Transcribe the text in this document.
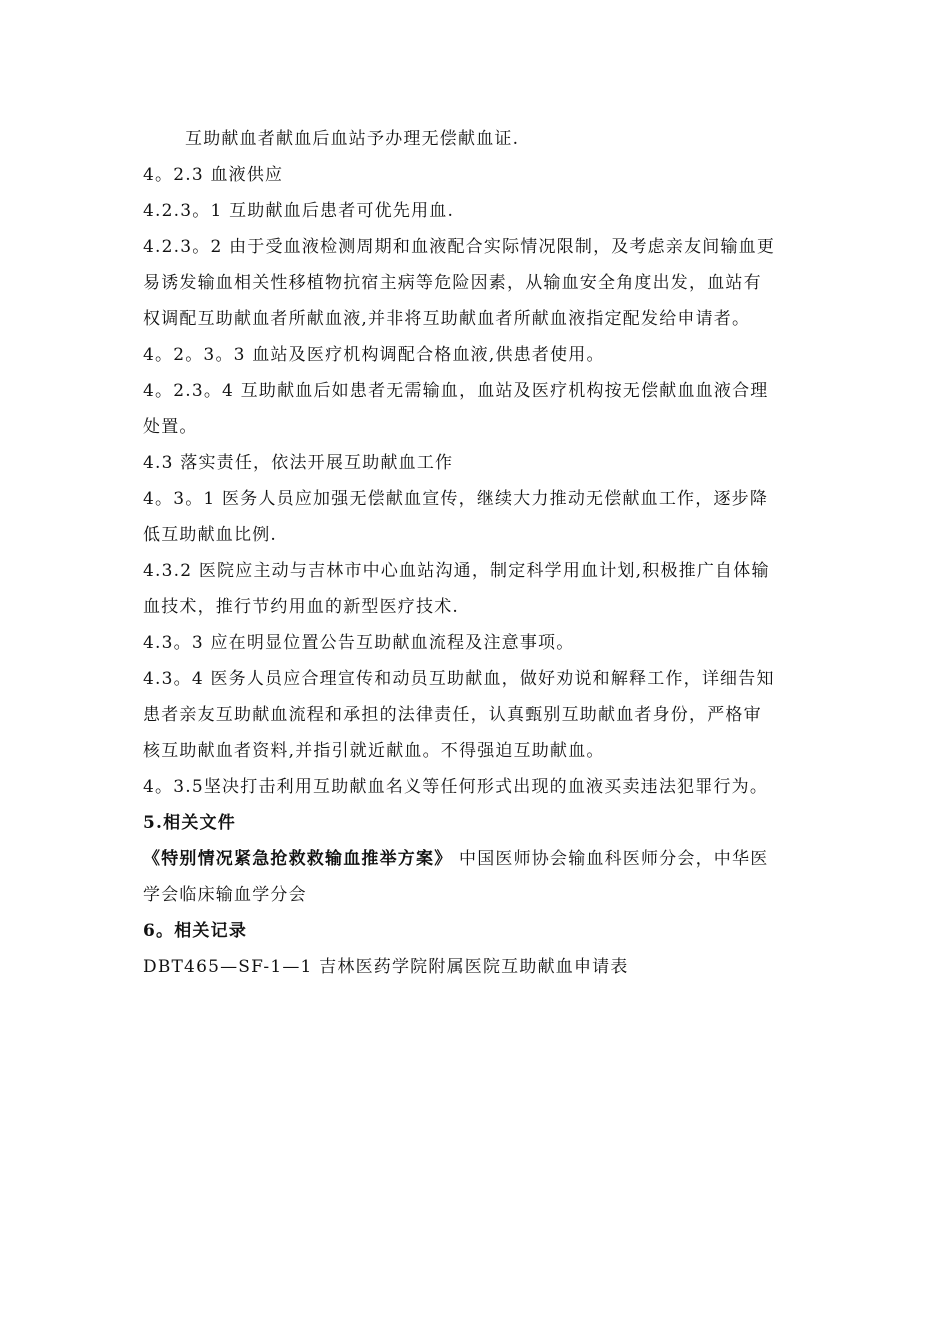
互助献血者献血后血站予办理无偿献血证.
4。2.3 血液供应
4.2.3。1 互助献血后患者可优先用血.
4.2.3。2 由于受血液检测周期和血液配合实际情况限制，及考虑亲友间输血更
易诱发输血相关性移植物抗宿主病等危险因素，从输血安全角度出发，血站有
权调配互助献血者所献血液,并非将互助献血者所献血液指定配发给申请者。
4。2。3。3 血站及医疗机构调配合格血液,供患者使用。
4。2.3。4 互助献血后如患者无需输血，血站及医疗机构按无偿献血血液合理
处置。
4.3 落实责任，依法开展互助献血工作
4。3。1 医务人员应加强无偿献血宣传，继续大力推动无偿献血工作，逐步降
低互助献血比例.
4.3.2 医院应主动与吉林市中心血站沟通，制定科学用血计划,积极推广自体输
血技术，推行节约用血的新型医疗技术.
4.3。3 应在明显位置公告互助献血流程及注意事项。
4.3。4 医务人员应合理宣传和动员互助献血，做好劝说和解释工作，详细告知
患者亲友互助献血流程和承担的法律责任，认真甄别互助献血者身份，严格审
核互助献血者资料,并指引就近献血。不得强迫互助献血。
4。3.5坚决打击利用互助献血名义等任何形式出现的血液买卖违法犯罪行为。
5.相关文件
《特别情况紧急抢救救输血推举方案》 中国医师协会输血科医师分会，中华医
学会临床输血学分会
6。相关记录
DBT465—SF-1—1 吉林医药学院附属医院互助献血申请表
